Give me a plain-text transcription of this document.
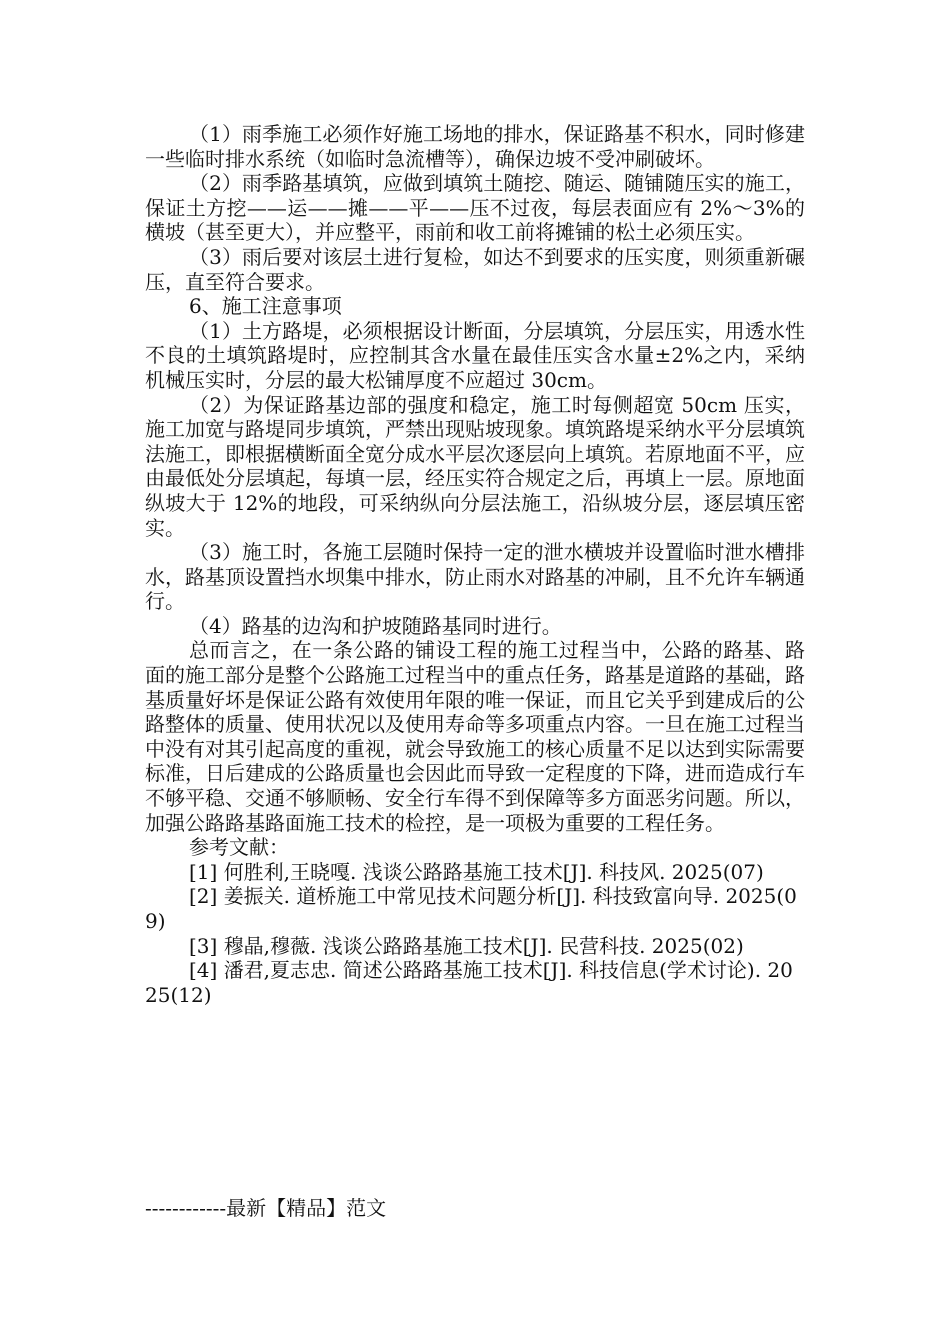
（1）雨季施工必须作好施工场地的排水，保证路基不积水，同时修建一些临时排水系统（如临时急流槽等），确保边坡不受冲刷破坏。

（2）雨季路基填筑，应做到填筑土随挖、随运、随铺随压实的施工，保证土方挖——运——摊——平——压不过夜，每层表面应有 2%～3%的横坡（甚至更大），并应整平，雨前和收工前将摊铺的松土必须压实。

（3）雨后要对该层土进行复检，如达不到要求的压实度，则须重新碾压，直至符合要求。

6、施工注意事项

（1）土方路堤，必须根据设计断面，分层填筑，分层压实，用透水性不良的土填筑路堤时，应控制其含水量在最佳压实含水量±2%之内，采纳机械压实时，分层的最大松铺厚度不应超过 30cm。

（2）为保证路基边部的强度和稳定，施工时每侧超宽 50cm 压实，施工加宽与路堤同步填筑，严禁出现贴坡现象。填筑路堤采纳水平分层填筑法施工，即根据横断面全宽分成水平层次逐层向上填筑。若原地面不平，应由最低处分层填起，每填一层，经压实符合规定之后，再填上一层。原地面纵坡大于 12%的地段，可采纳纵向分层法施工，沿纵坡分层，逐层填压密实。

（3）施工时，各施工层随时保持一定的泄水横坡并设置临时泄水槽排水，路基顶设置挡水坝集中排水，防止雨水对路基的冲刷，且不允许车辆通行。

（4）路基的边沟和护坡随路基同时进行。

总而言之，在一条公路的铺设工程的施工过程当中，公路的路基、路面的施工部分是整个公路施工过程当中的重点任务，路基是道路的基础，路基质量好坏是保证公路有效使用年限的唯一保证，而且它关乎到建成后的公路整体的质量、使用状况以及使用寿命等多项重点内容。一旦在施工过程当中没有对其引起高度的重视，就会导致施工的核心质量不足以达到实际需要标准，日后建成的公路质量也会因此而导致一定程度的下降，进而造成行车不够平稳、交通不够顺畅、安全行车得不到保障等多方面恶劣问题。所以，加强公路路基路面施工技术的检控，是一项极为重要的工程任务。

参考文献：

[1] 何胜利,王晓嘎. 浅谈公路路基施工技术[J]. 科技风. 2025(07)

[2] 姜振关. 道桥施工中常见技术问题分析[J]. 科技致富向导. 2025(09)

[3] 穆晶,穆薇. 浅谈公路路基施工技术[J]. 民营科技. 2025(02)

[4] 潘君,夏志忠. 简述公路路基施工技术[J]. 科技信息(学术讨论). 2025(12)

------------最新【精品】范文
